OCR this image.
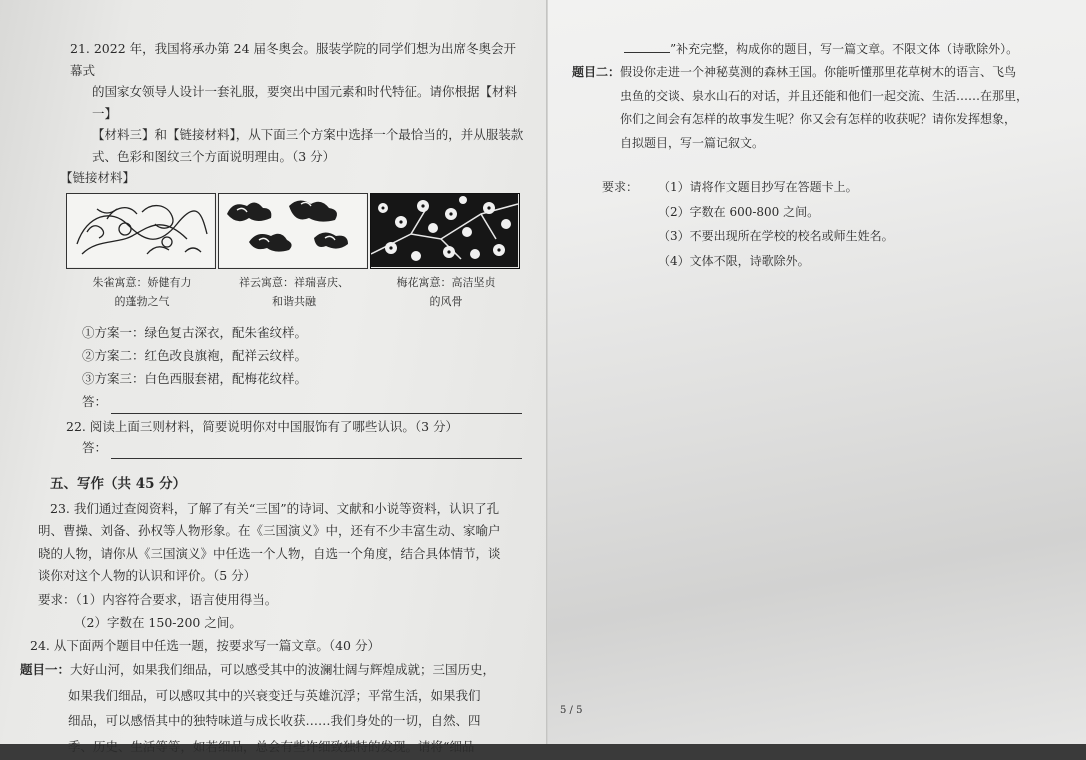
21. 2022 年，我国将承办第 24 届冬奥会。服装学院的同学们想为出席冬奥会开幕式

的国家女领导人设计一套礼服，要突出中国元素和时代特征。请你根据【材料一】

【材料三】和【链接材料】，从下面三个方案中选择一个最恰当的，并从服装款

式、色彩和图纹三个方面说明理由。（3 分）

【链接材料】

朱雀寓意：娇健有力
的蓬勃之气
祥云寓意：祥瑞喜庆、
和谐共融
梅花寓意：高洁坚贞
的风骨

①方案一：绿色复古深衣，配朱雀纹样。

②方案二：红色改良旗袍，配祥云纹样。

③方案三：白色西服套裙，配梅花纹样。

答：

22. 阅读上面三则材料，简要说明你对中国服饰有了哪些认识。（3 分）

答：
五、写作（共 45 分）

23. 我们通过查阅资料，了解了有关“三国”的诗词、文献和小说等资料，认识了孔

明、曹操、刘备、孙权等人物形象。在《三国演义》中，还有不少丰富生动、家喻户

晓的人物，请你从《三国演义》中任选一个人物，自选一个角度，结合具体情节，谈

谈你对这个人物的认识和评价。（5 分）

要求：（1）内容符合要求，语言使用得当。

（2）字数在 150-200 之间。

24. 从下面两个题目中任选一题，按要求写一篇文章。（40 分）

题目一：大好山河，如果我们细品，可以感受其中的波澜壮阔与辉煌成就；三国历史，

如果我们细品，可以感叹其中的兴衰变迁与英雄沉浮；平常生活，如果我们

细品，可以感悟其中的独特味道与成长收获……我们身处的一切，自然、四

季、历史、生活等等，如若细品，总会有些许细致独特的发现。请将“细品

”补充完整，构成你的题目，写一篇文章。不限文体（诗歌除外）。

题目二：假设你走进一个神秘莫测的森林王国。你能听懂那里花草树木的语言、飞鸟

虫鱼的交谈、泉水山石的对话，并且还能和他们一起交流、生活……在那里，

你们之间会有怎样的故事发生呢？你又会有怎样的收获呢？请你发挥想象，

自拟题目，写一篇记叙文。

要求：	（1）请将作文题目抄写在答题卡上。
（2）字数在 600-800 之间。
（3）不要出现所在学校的校名或师生姓名。
（4）文体不限，诗歌除外。
5 / 5
